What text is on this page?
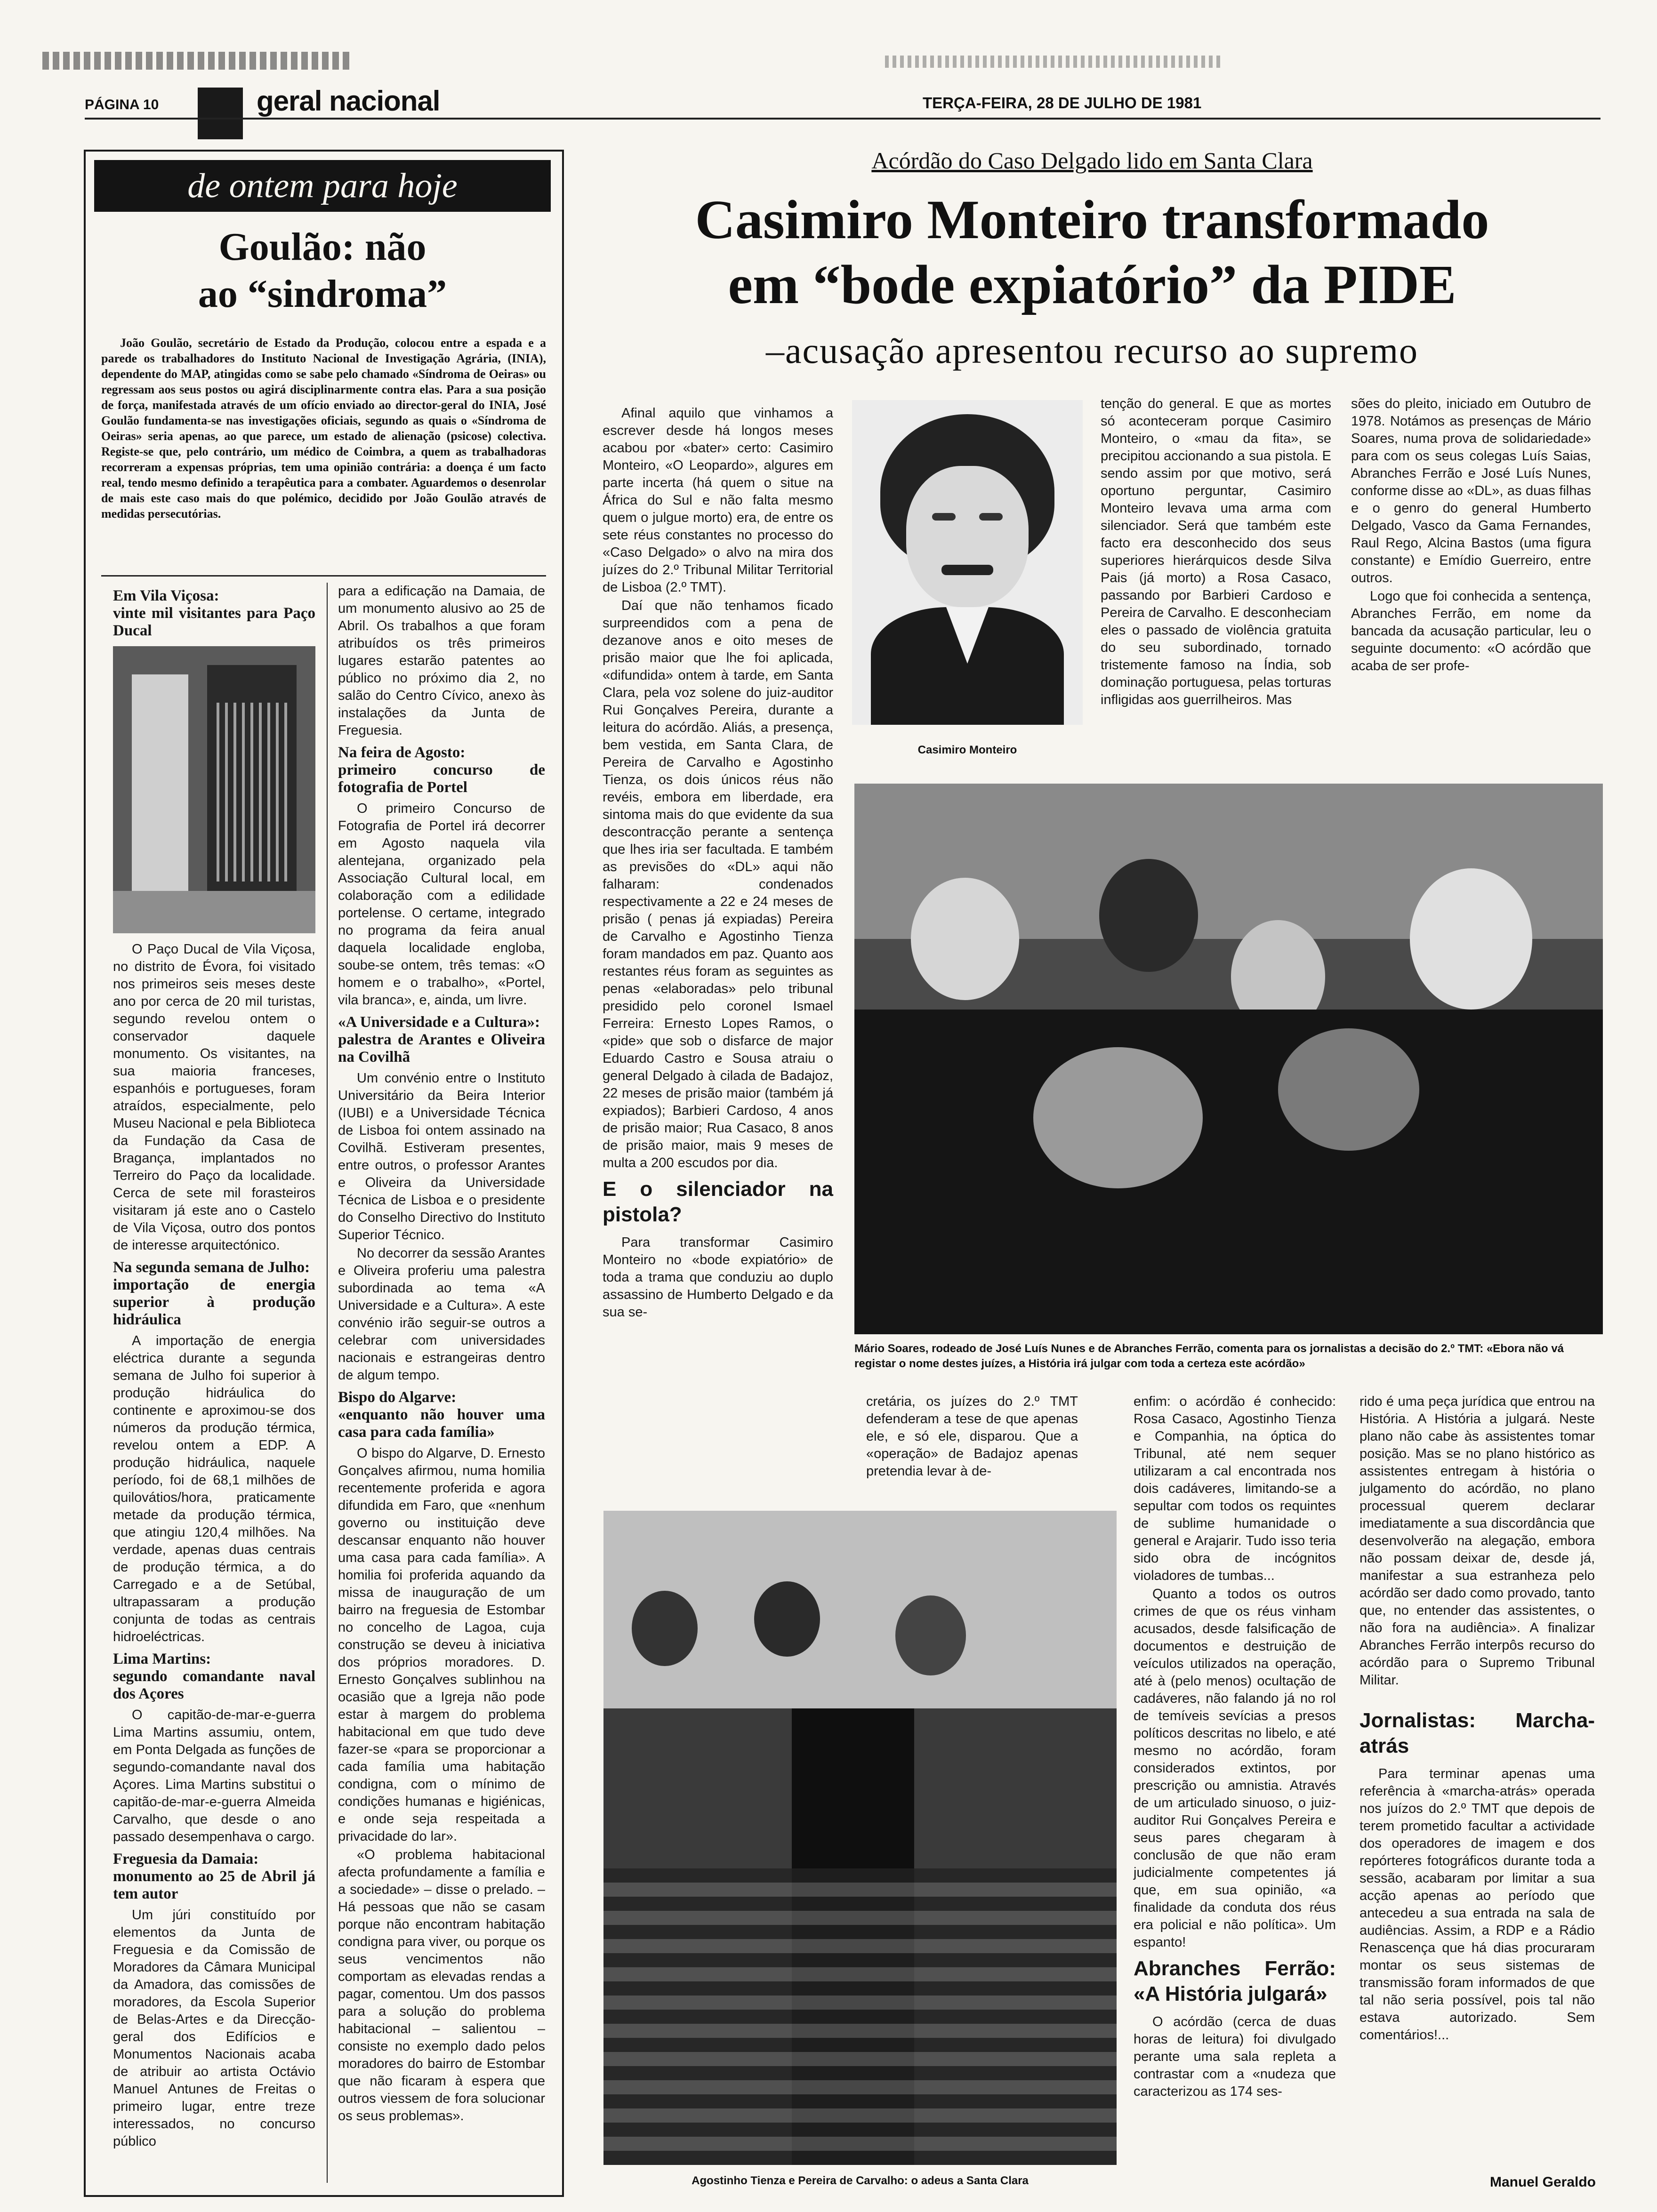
PÁGINA 10	geral nacional	TERÇA-FEIRA, 28 DE JULHO DE 1981
de ontem para hoje
Goulão: não
ao “sindroma”
João Goulão, secretário de Estado da Produção, colocou entre a espada e a parede os trabalhadores do Instituto Nacional de Investigação Agrária, (INIA), dependente do MAP, atingidas como se sabe pelo chamado «Síndroma de Oeiras» ou regressam aos seus postos ou agirá disciplinarmente contra elas. Para a sua posição de força, manifestada através de um ofício enviado ao director-geral do INIA, José Goulão fundamenta-se nas investigações oficiais, segundo as quais o «Síndroma de Oeiras» seria apenas, ao que parece, um estado de alienação (psicose) colectiva. Registe-se que, pelo contrário, um médico de Coimbra, a quem as trabalhadoras recorreram a expensas próprias, tem uma opinião contrária: a doença é um facto real, tendo mesmo definido a terapêutica para a combater. Aguardemos o desenrolar de mais este caso mais do que polémico, decidido por João Goulão através de medidas persecutórias.
Em Vila Viçosa:
vinte mil visitantes para Paço Ducal

O Paço Ducal de Vila Viçosa, no distrito de Évora, foi visitado nos primeiros seis meses deste ano por cerca de 20 mil turistas, segundo revelou ontem o conservador daquele monumento. Os visitantes, na sua maioria franceses, espanhóis e portugueses, foram atraídos, especialmente, pelo Museu Nacional e pela Biblioteca da Fundação da Casa de Bragança, implantados no Terreiro do Paço da localidade. Cerca de sete mil forasteiros visitaram já este ano o Castelo de Vila Viçosa, outro dos pontos de interesse arquitectónico.

Na segunda semana de Julho:
importação de energia superior à produção hidráulica

A importação de energia eléctrica durante a segunda semana de Julho foi superior à produção hidráulica do continente e aproximou-se dos números da produção térmica, revelou ontem a EDP. A produção hidráulica, naquele período, foi de 68,1 milhões de quilovátios/hora, praticamente metade da produção térmica, que atingiu 120,4 milhões. Na verdade, apenas duas centrais de produção térmica, a do Carregado e a de Setúbal, ultrapassaram a produção conjunta de todas as centrais hidroeléctricas.

Lima Martins:
segundo comandante naval dos Açores

O capitão-de-mar-e-guerra Lima Martins assumiu, ontem, em Ponta Delgada as funções de segundo-comandante naval dos Açores. Lima Martins substitui o capitão-de-mar-e-guerra Almeida Carvalho, que desde o ano passado desempenhava o cargo.

Freguesia da Damaia:
monumento ao 25 de Abril já tem autor

Um júri constituído por elementos da Junta de Freguesia e da Comissão de Moradores da Câmara Municipal da Amadora, das comissões de moradores, da Escola Superior de Belas-Artes e da Direcção-geral dos Edifícios e Monumentos Nacionais acaba de atribuir ao artista Octávio Manuel Antunes de Freitas o primeiro lugar, entre treze interessados, no concurso público

para a edificação na Damaia, de um monumento alusivo ao 25 de Abril. Os trabalhos a que foram atribuídos os três primeiros lugares estarão patentes ao público no próximo dia 2, no salão do Centro Cívico, anexo às instalações da Junta de Freguesia.

Na feira de Agosto:
primeiro concurso de fotografia de Portel

O primeiro Concurso de Fotografia de Portel irá decorrer em Agosto naquela vila alentejana, organizado pela Associação Cultural local, em colaboração com a edilidade portelense. O certame, integrado no programa da feira anual daquela localidade engloba, soube-se ontem, três temas: «O homem e o trabalho», «Portel, vila branca», e, ainda, um livre.

«A Universidade e a Cultura»:
palestra de Arantes e Oliveira na Covilhã

Um convénio entre o Instituto Universitário da Beira Interior (IUBI) e a Universidade Técnica de Lisboa foi ontem assinado na Covilhã. Estiveram presentes, entre outros, o professor Arantes e Oliveira da Universidade Técnica de Lisboa e o presidente do Conselho Directivo do Instituto Superior Técnico.

No decorrer da sessão Arantes e Oliveira proferiu uma palestra subordinada ao tema «A Universidade e a Cultura». A este convénio irão seguir-se outros a celebrar com universidades nacionais e estrangeiras dentro de algum tempo.

Bispo do Algarve:
«enquanto não houver uma casa para cada família»

O bispo do Algarve, D. Ernesto Gonçalves afirmou, numa homilia recentemente proferida e agora difundida em Faro, que «nenhum governo ou instituição deve descansar enquanto não houver uma casa para cada família». A homilia foi proferida aquando da missa de inauguração de um bairro na freguesia de Estombar no concelho de Lagoa, cuja construção se deveu à iniciativa dos próprios moradores. D. Ernesto Gonçalves sublinhou na ocasião que a Igreja não pode estar à margem do problema habitacional em que tudo deve fazer-se «para se proporcionar a cada família uma habitação condigna, com o mínimo de condições humanas e higiénicas, e onde seja respeitada a privacidade do lar».

«O problema habitacional afecta profundamente a família e a sociedade» – disse o prelado. – Há pessoas que não se casam porque não encontram habitação condigna para viver, ou porque os seus vencimentos não comportam as elevadas rendas a pagar, comentou. Um dos passos para a solução do problema habitacional – salientou – consiste no exemplo dado pelos moradores do bairro de Estombar que não ficaram à espera que outros viessem de fora solucionar os seus problemas».

Acórdão do Caso Delgado lido em Santa Clara
Casimiro Monteiro transformado
em “bode expiatório” da PIDE
–acusação apresentou recurso ao supremo

Afinal aquilo que vinhamos a escrever desde há longos meses acabou por «bater» certo: Casimiro Monteiro, «O Leopardo», algures em parte incerta (há quem o situe na África do Sul e não falta mesmo quem o julgue morto) era, de entre os sete réus constantes no processo do «Caso Delgado» o alvo na mira dos juízes do 2.º Tribunal Militar Territorial de Lisboa (2.º TMT).

Daí que não tenhamos ficado surpreendidos com a pena de dezanove anos e oito meses de prisão maior que lhe foi aplicada, «difundida» ontem à tarde, em Santa Clara, pela voz solene do juiz-auditor Rui Gonçalves Pereira, durante a leitura do acórdão. Aliás, a presença, bem vestida, em Santa Clara, de Pereira de Carvalho e Agostinho Tienza, os dois únicos réus não revéis, embora em liberdade, era sintoma mais do que evidente da sua descontracção perante a sentença que lhes iria ser facultada. E também as previsões do «DL» aqui não falharam: condenados respectivamente a 22 e 24 meses de prisão ( penas já expiadas) Pereira de Carvalho e Agostinho Tienza foram mandados em paz. Quanto aos restantes réus foram as seguintes as penas «elaboradas» pelo tribunal presidido pelo coronel Ismael Ferreira: Ernesto Lopes Ramos, o «pide» que sob o disfarce de major Eduardo Castro e Sousa atraiu o general Delgado à cilada de Badajoz, 22 meses de prisão maior (também já expiados); Barbieri Cardoso, 4 anos de prisão maior; Rua Casaco, 8 anos de prisão maior, mais 9 meses de multa a 200 escudos por dia.

E o silenciador na pistola?

Para transformar Casimiro Monteiro no «bode expiatório» de toda a trama que conduziu ao duplo assassino de Humberto Delgado e da sua se-

Casimiro Monteiro

tenção do general. E que as mortes só aconteceram porque Casimiro Monteiro, o «mau da fita», se precipitou accionando a sua pistola. E sendo assim por que motivo, será oportuno perguntar, Casimiro Monteiro levava uma arma com silenciador. Será que também este facto era desconhecido dos seus superiores hierárquicos desde Silva Pais (já morto) a Rosa Casaco, passando por Barbieri Cardoso e Pereira de Carvalho. E desconheciam eles o passado de violência gratuita do seu subordinado, tornado tristemente famoso na Índia, sob dominação portuguesa, pelas torturas infligidas aos guerrilheiros. Mas

sões do pleito, iniciado em Outubro de 1978. Notámos as presenças de Mário Soares, numa prova de solidariedade» para com os seus colegas Luís Saias, Abranches Ferrão e José Luís Nunes, conforme disse ao «DL», as duas filhas e o genro do general Humberto Delgado, Vasco da Gama Fernandes, Raul Rego, Alcina Bastos (uma figura constante) e Emídio Guerreiro, entre outros.

Logo que foi conhecida a sentença, Abranches Ferrão, em nome da bancada da acusação particular, leu o seguinte documento: «O acórdão que acaba de ser profe-

Mário Soares, rodeado de José Luís Nunes e de Abranches Ferrão, comenta para os jornalistas a decisão do 2.º TMT: «Ebora não vá registar o nome destes juízes, a História irá julgar com toda a certeza este acórdão»
Agostinho Tienza e Pereira de Carvalho: o adeus a Santa Clara

cretária, os juízes do 2.º TMT defenderam a tese de que apenas ele, e só ele, disparou. Que a «operação» de Badajoz apenas pretendia levar à de-

enfim: o acórdão é conhecido: Rosa Casaco, Agostinho Tienza e Companhia, na óptica do Tribunal, até nem sequer utilizaram a cal encontrada nos dois cadáveres, limitando-se a sepultar com todos os requintes de sublime humanidade o general e Arajarir. Tudo isso teria sido obra de incógnitos violadores de tumbas...

Quanto a todos os outros crimes de que os réus vinham acusados, desde falsificação de documentos e destruição de veículos utilizados na operação, até à (pelo menos) ocultação de cadáveres, não falando já no rol de temíveis sevícias a presos políticos descritas no libelo, e até mesmo no acórdão, foram considerados extintos, por prescrição ou amnistia. Através de um articulado sinuoso, o juiz-auditor Rui Gonçalves Pereira e seus pares chegaram à conclusão de que não eram judicialmente competentes já que, em sua opinião, «a finalidade da conduta dos réus era policial e não política». Um espanto!

Abranches Ferrão: «A História julgará»

O acórdão (cerca de duas horas de leitura) foi divulgado perante uma sala repleta a contrastar com a «nudeza que caracterizou as 174 ses-

rido é uma peça jurídica que entrou na História. A História a julgará. Neste plano não cabe às assistentes tomar posição. Mas se no plano histórico as assistentes entregam à história o julgamento do acórdão, no plano processual querem declarar imediatamente a sua discordância que desenvolverão na alegação, embora não possam deixar de, desde já, manifestar a sua estranheza pelo acórdão ser dado como provado, tanto que, no entender das assistentes, o não fora na audiência». A finalizar Abranches Ferrão interpôs recurso do acórdão para o Supremo Tribunal Militar.

Jornalistas: Marcha-atrás

Para terminar apenas uma referência à «marcha-atrás» operada nos juízos do 2.º TMT que depois de terem prometido facultar a actividade dos operadores de imagem e dos repórteres fotográficos durante toda a sessão, acabaram por limitar a sua acção apenas ao período que antecedeu a sua entrada na sala de audiências. Assim, a RDP e a Rádio Renascença que há dias procuraram montar os seus sistemas de transmissão foram informados de que tal não seria possível, pois tal não estava autorizado. Sem comentários!...

Manuel Geraldo
